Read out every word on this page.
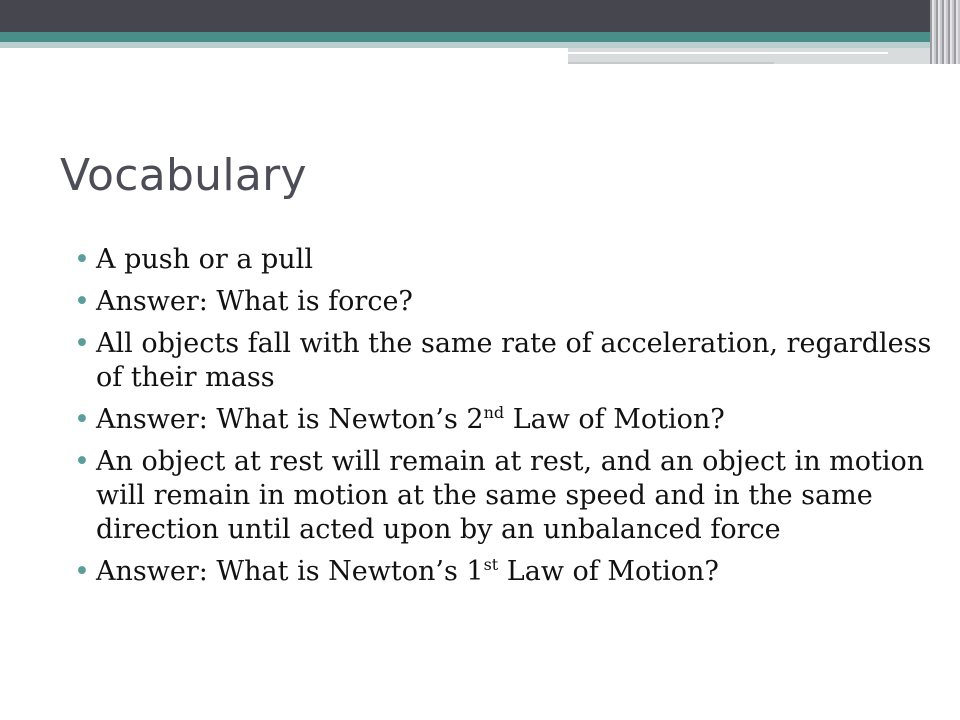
Vocabulary
• A push or a pull
• Answer: What is force?
• All objects fall with the same rate of acceleration, regardless of their mass
• Answer: What is Newton’s 2nd Law of Motion?
• An object at rest will remain at rest, and an object in motion will remain in motion at the same speed and in the same direction until acted upon by an unbalanced force
• Answer: What is Newton’s 1st Law of Motion?
